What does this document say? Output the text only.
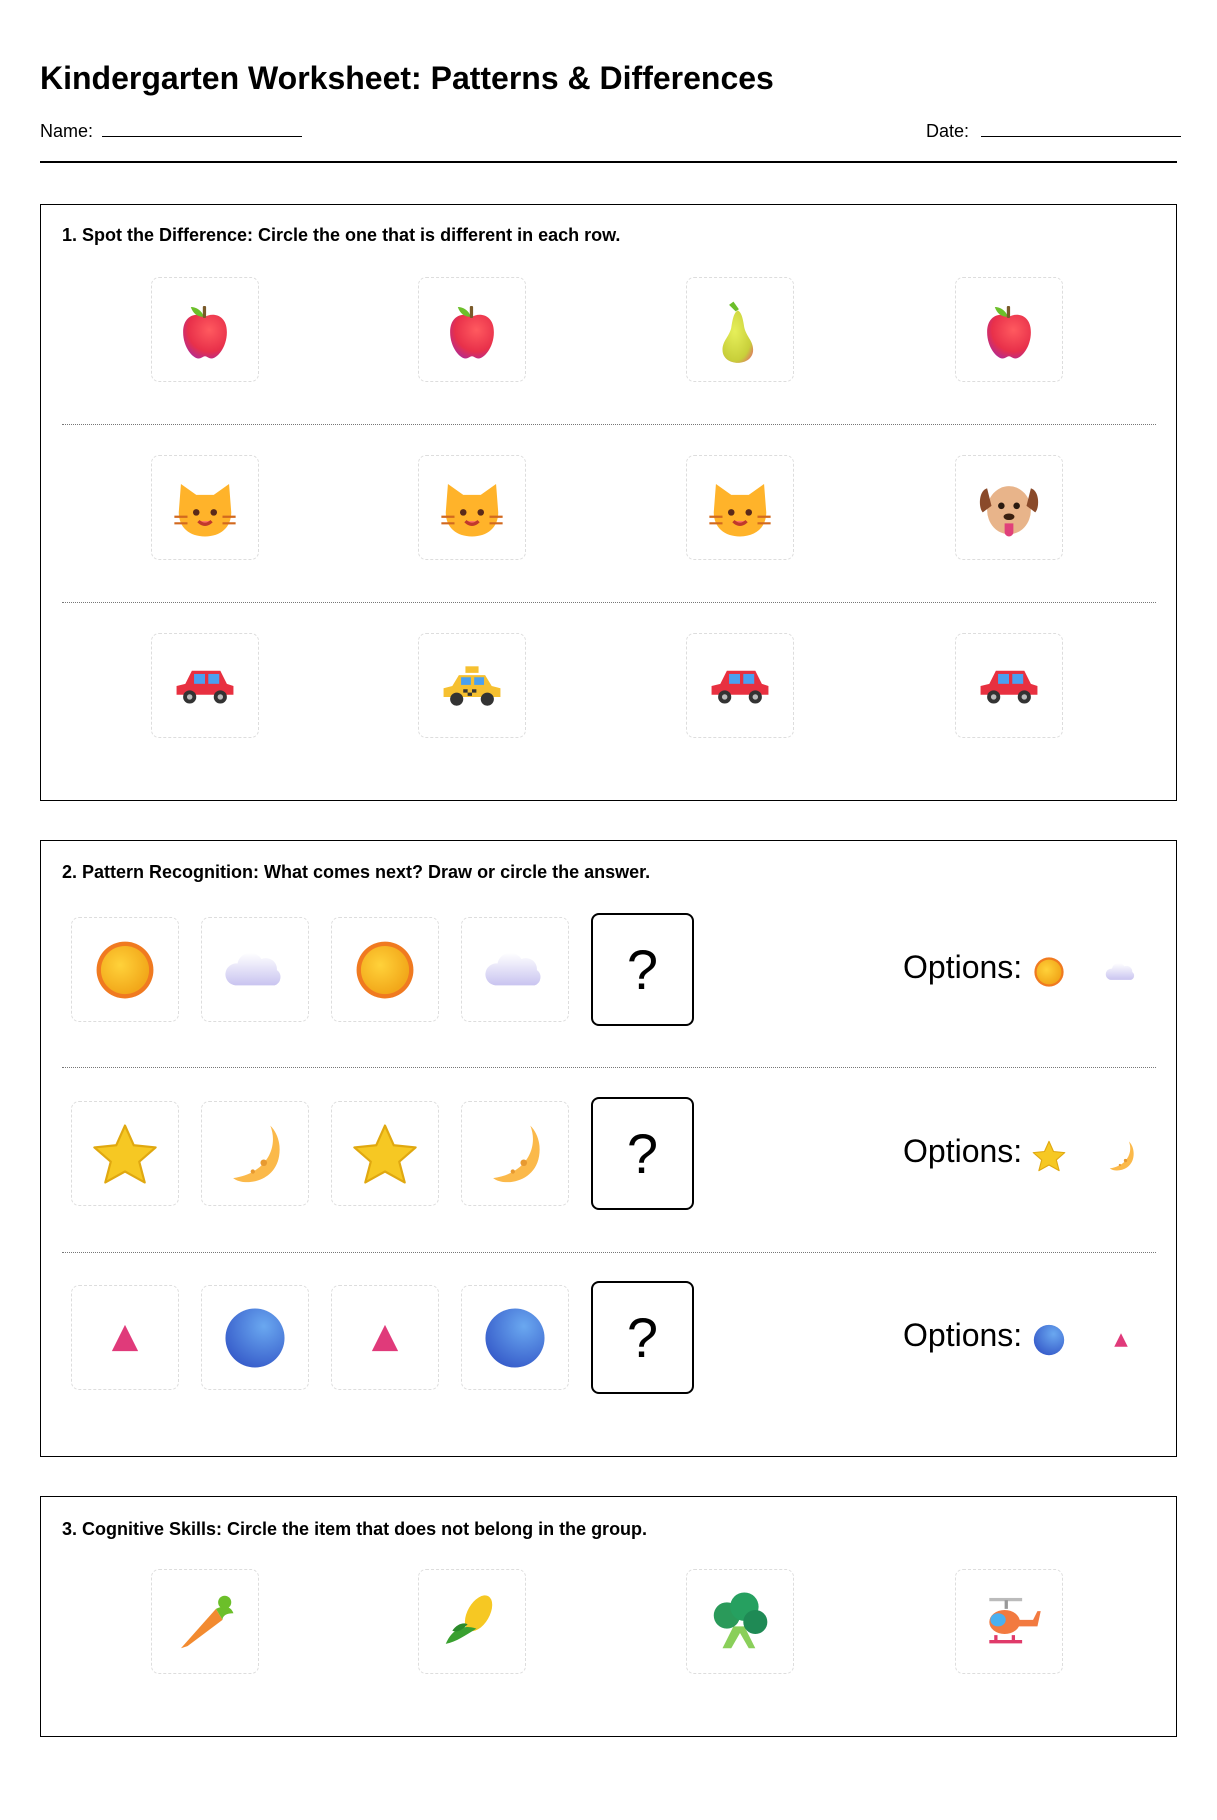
Kindergarten Worksheet: Patterns & Differences
Name:	Date:
1. Spot the Difference: Circle the one that is different in each row.
2. Pattern Recognition: What comes next? Draw or circle the answer.
?	Options:
?	Options:
?	Options:
3. Cognitive Skills: Circle the item that does not belong in the group.
